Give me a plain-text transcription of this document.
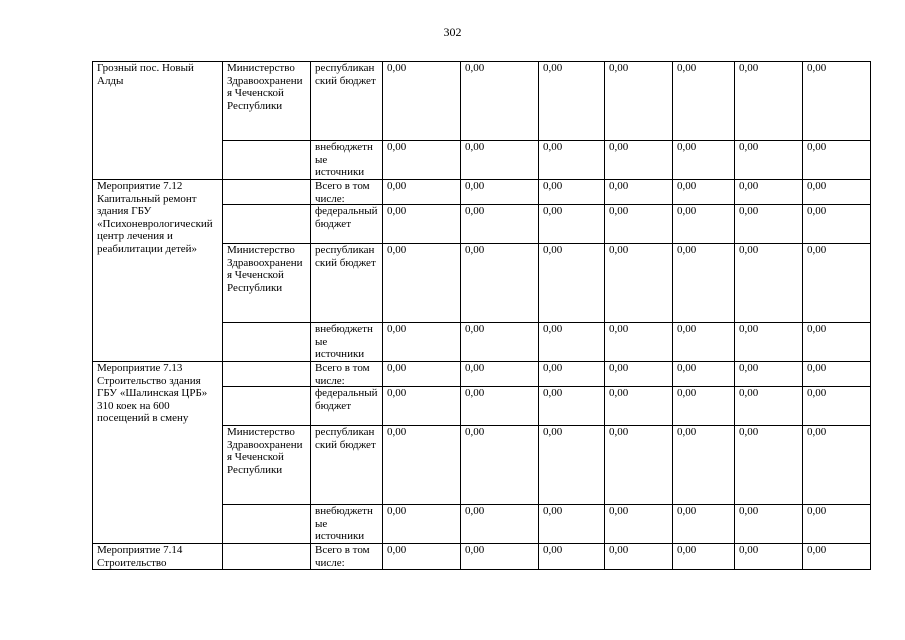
302
Грозный пос. Новый Алды	Министерство Здравоохранения Чеченской Республики	республиканский бюджет	0,00	0,00	0,00	0,00	0,00	0,00	0,00
		внебюджетные источники	0,00	0,00	0,00	0,00	0,00	0,00	0,00
Мероприятие 7.12 Капитальный ремонт здания ГБУ «Психоневрологический центр лечения и реабилитации детей»		Всего в том числе:	0,00	0,00	0,00	0,00	0,00	0,00	0,00
		федеральный бюджет	0,00	0,00	0,00	0,00	0,00	0,00	0,00
	Министерство Здравоохранения Чеченской Республики	республиканский бюджет	0,00	0,00	0,00	0,00	0,00	0,00	0,00
		внебюджетные источники	0,00	0,00	0,00	0,00	0,00	0,00	0,00
Мероприятие 7.13 Строительство здания ГБУ «Шалинская ЦРБ» 310 коек на 600 посещений в смену		Всего в том числе:	0,00	0,00	0,00	0,00	0,00	0,00	0,00
		федеральный бюджет	0,00	0,00	0,00	0,00	0,00	0,00	0,00
	Министерство Здравоохранения Чеченской Республики	республиканский бюджет	0,00	0,00	0,00	0,00	0,00	0,00	0,00
		внебюджетные источники	0,00	0,00	0,00	0,00	0,00	0,00	0,00
Мероприятие 7.14 Строительство		Всего в том числе:	0,00	0,00	0,00	0,00	0,00	0,00	0,00
